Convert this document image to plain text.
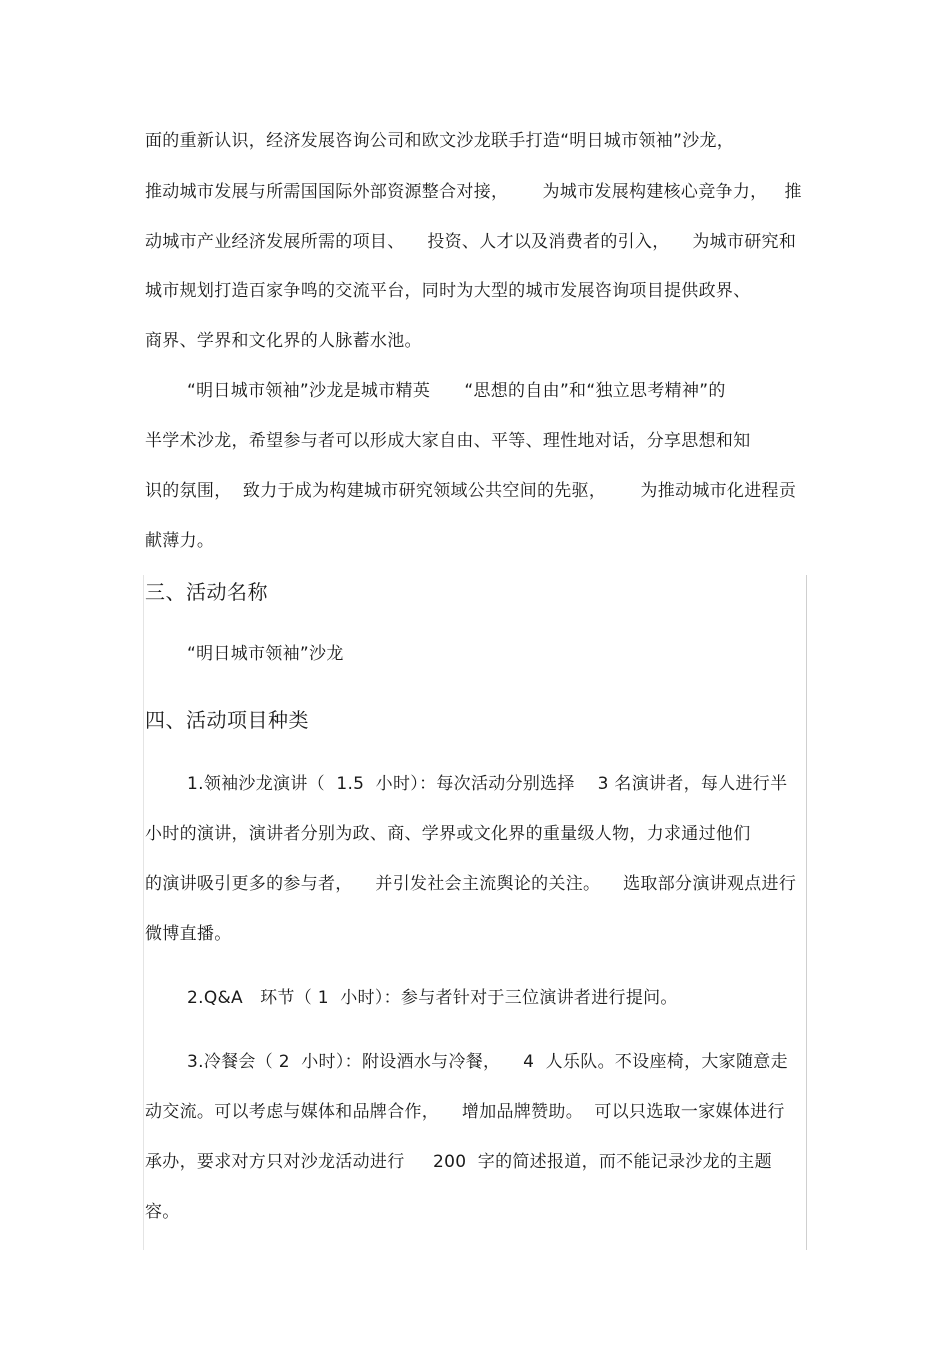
面的重新认识，经济发展咨询公司和欧文沙龙联手打造“明日城市领袖”沙龙，
推动城市发展与所需国国际外部资源整合对接，      为城市发展构建核心竞争力，   推
动城市产业经济发展所需的项目、    投资、人才以及消费者的引入，    为城市研究和
城市规划打造百家争鸣的交流平台，同时为大型的城市发展咨询项目提供政界、
商界、学界和文化界的人脉蓄水池。
“明日城市领袖”沙龙是城市精英      “思想的自由”和“独立思考精神”的
半学术沙龙，希望参与者可以形成大家自由、平等、理性地对话，分享思想和知
识的氛围，  致力于成为构建城市研究领域公共空间的先驱，      为推动城市化进程贡
献薄力。
三、活动名称
“明日城市领袖”沙龙
四、活动项目种类
1.领袖沙龙演讲（  1.5  小时）：每次活动分别选择    3 名演讲者，每人进行半
小时的演讲，演讲者分别为政、商、学界或文化界的重量级人物，力求通过他们
的演讲吸引更多的参与者，    并引发社会主流舆论的关注。    选取部分演讲观点进行
微博直播。
2.Q&A   环节（ 1  小时）：参与者针对于三位演讲者进行提问。
3.冷餐会（ 2  小时）：附设酒水与冷餐，    4  人乐队。不设座椅，大家随意走
动交流。可以考虑与媒体和品牌合作，    增加品牌赞助。  可以只选取一家媒体进行
承办，要求对方只对沙龙活动进行     200  字的简述报道，而不能记录沙龙的主题
容。
